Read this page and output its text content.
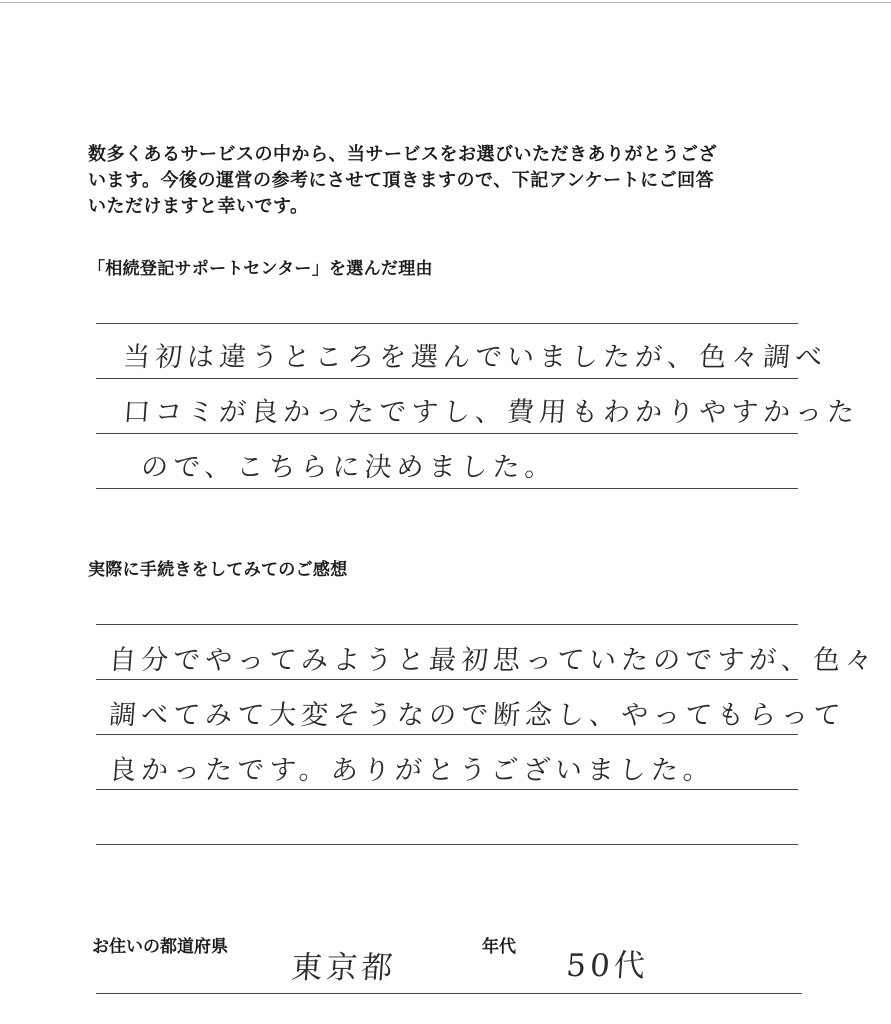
数多くあるサービスの中から、当サービスをお選びいただきありがとうござ
います。今後の運営の参考にさせて頂きますので、下記アンケートにご回答
いただけますと幸いです。
「相続登記サポートセンター」を選んだ理由
当初は違うところを選んでいましたが、色々調べ
口コミが良かったですし、費用もわかりやすかった
ので、こちらに決めました。
実際に手続きをしてみてのご感想
自分でやってみようと最初思っていたのですが、色々
調べてみて大変そうなので断念し、やってもらって
良かったです。ありがとうございました。
お住いの都道府県
東京都
年代
50代
